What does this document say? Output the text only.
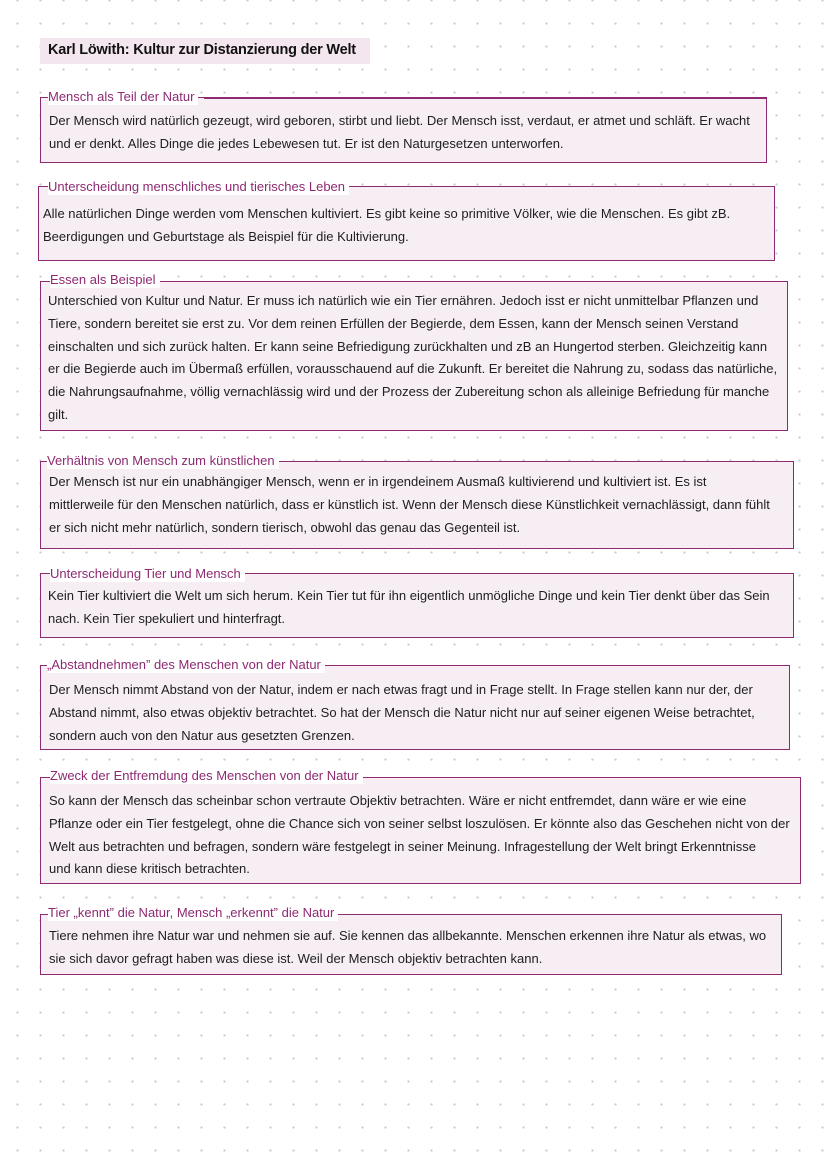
Karl Löwith: Kultur zur Distanzierung der Welt
Mensch als Teil der Natur
Der Mensch wird natürlich gezeugt, wird geboren, stirbt und liebt. Der Mensch isst, verdaut, er atmet und schläft. Er wacht
und er denkt. Alles Dinge die jedes Lebewesen tut. Er ist den Naturgesetzen unterworfen.
Unterscheidung menschliches und tierisches Leben
Alle natürlichen Dinge werden vom Menschen kultiviert. Es gibt keine so primitive Völker, wie die Menschen. Es gibt zB.
Beerdigungen und Geburtstage als Beispiel für die Kultivierung.
Essen als Beispiel
Unterschied von Kultur und Natur. Er muss ich natürlich wie ein Tier ernähren. Jedoch isst er nicht unmittelbar Pflanzen und
Tiere, sondern bereitet sie erst zu. Vor dem reinen Erfüllen der Begierde, dem Essen, kann der Mensch seinen Verstand
einschalten und sich zurück halten. Er kann seine Befriedigung zurückhalten und zB an Hungertod sterben. Gleichzeitig kann
er die Begierde auch im Übermaß erfüllen, vorausschauend auf die Zukunft. Er bereitet die Nahrung zu, sodass das natürliche,
die Nahrungsaufnahme, völlig vernachlässig wird und der Prozess der Zubereitung schon als alleinige Befriedung für manche
gilt.
Verhältnis von Mensch zum künstlichen
Der Mensch ist nur ein unabhängiger Mensch, wenn er in irgendeinem Ausmaß kultivierend und kultiviert ist. Es ist
mittlerweile für den Menschen natürlich, dass er künstlich ist. Wenn der Mensch diese Künstlichkeit vernachlässigt, dann fühlt
er sich nicht mehr natürlich, sondern tierisch, obwohl das genau das Gegenteil ist.
Unterscheidung Tier und Mensch
Kein Tier kultiviert die Welt um sich herum. Kein Tier tut für ihn eigentlich unmögliche Dinge und kein Tier denkt über das Sein
nach. Kein Tier spekuliert und hinterfragt.
„Abstandnehmen” des Menschen von der Natur
Der Mensch nimmt Abstand von der Natur, indem er nach etwas fragt und in Frage stellt. In Frage stellen kann nur der, der
Abstand nimmt, also etwas objektiv betrachtet. So hat der Mensch die Natur nicht nur auf seiner eigenen Weise betrachtet,
sondern auch von den Natur aus gesetzten Grenzen.
Zweck der Entfremdung des Menschen von der Natur
So kann der Mensch das scheinbar schon vertraute Objektiv betrachten. Wäre er nicht entfremdet, dann wäre er wie eine
Pflanze oder ein Tier festgelegt, ohne die Chance sich von seiner selbst loszulösen. Er könnte also das Geschehen nicht von der
Welt aus betrachten und befragen, sondern wäre festgelegt in seiner Meinung. Infragestellung der Welt bringt Erkenntnisse
und kann diese kritisch betrachten.
Tier „kennt” die Natur, Mensch „erkennt” die Natur
Tiere nehmen ihre Natur war und nehmen sie auf. Sie kennen das allbekannte. Menschen erkennen ihre Natur als etwas, wo
sie sich davor gefragt haben was diese ist. Weil der Mensch objektiv betrachten kann.
